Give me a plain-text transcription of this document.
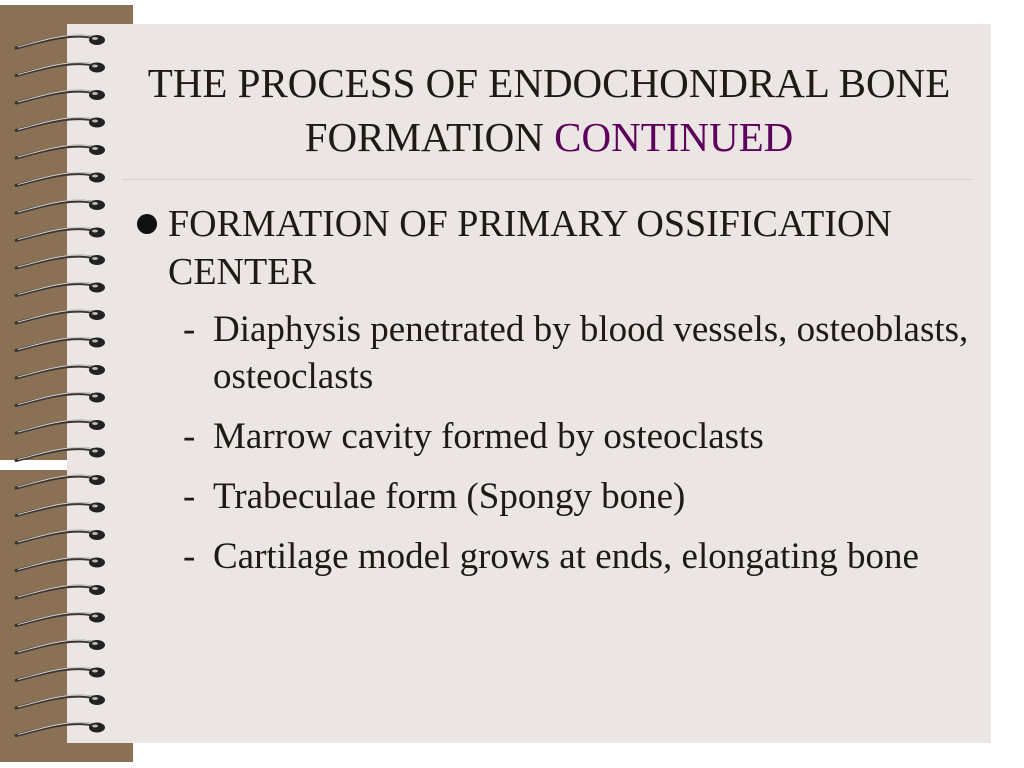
THE PROCESS OF ENDOCHONDRAL BONE FORMATION CONTINUED
FORMATION OF PRIMARY OSSIFICATION CENTER
- Diaphysis penetrated by blood vessels, osteoblasts, osteoclasts
- Marrow cavity formed by osteoclasts
- Trabeculae form (Spongy bone)
- Cartilage model grows at ends, elongating bone
